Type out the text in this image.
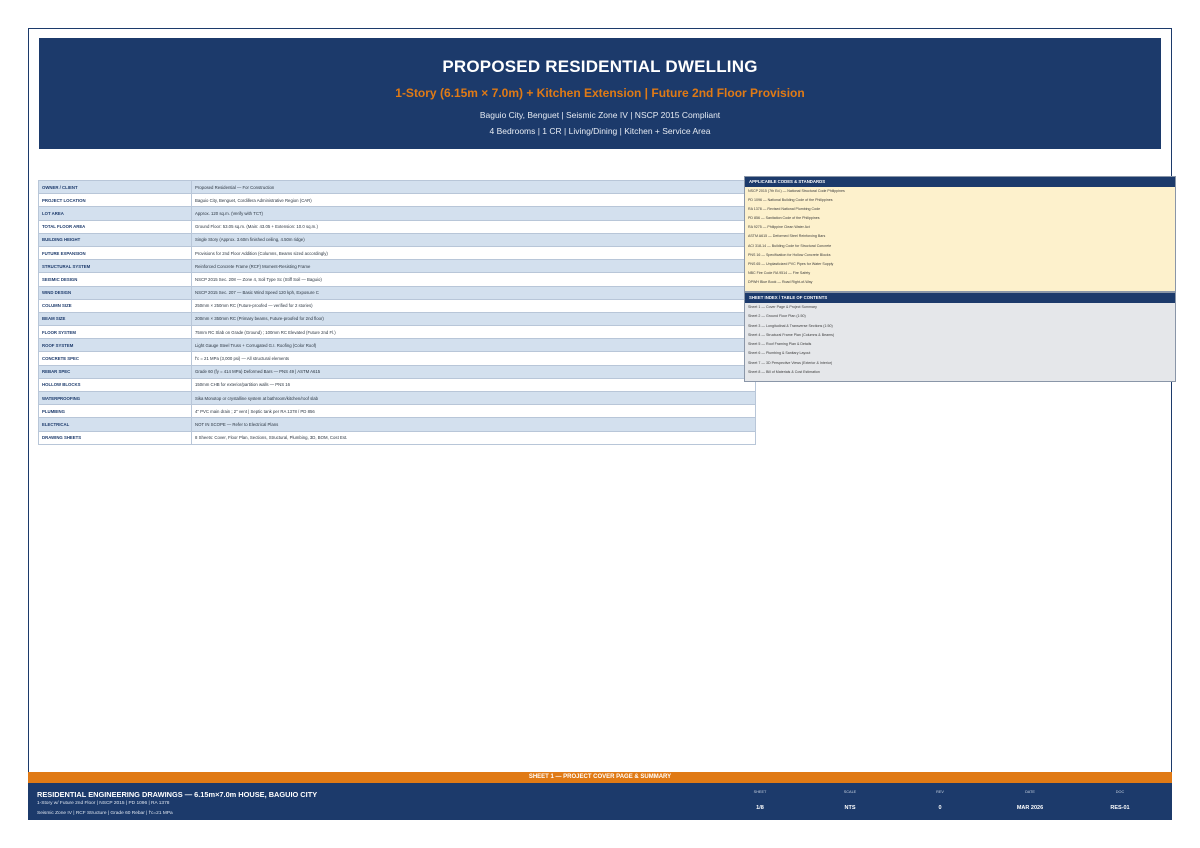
PROPOSED RESIDENTIAL DWELLING
1-Story (6.15m × 7.0m) + Kitchen Extension | Future 2nd Floor Provision
Baguio City, Benguet | Seismic Zone IV | NSCP 2015 Compliant
4 Bedrooms | 1 CR | Living/Dining | Kitchen + Service Area
OWNER / CLIENT	Proposed Residential — For Construction
PROJECT LOCATION	Baguio City, Benguet, Cordillera Administrative Region (CAR)
LOT AREA	Approx. 120 sq.m. (Verify with TCT)
TOTAL FLOOR AREA	Ground Floor: 53.05 sq.m. (Main: 43.05 + Extension: 10.0 sq.m.)
BUILDING HEIGHT	Single Story (Approx. 3.60m finished ceiling, 4.50m ridge)
FUTURE EXPANSION	Provisions for 2nd Floor Addition (Columns, Beams sized accordingly)
STRUCTURAL SYSTEM	Reinforced Concrete Frame (RCF) Moment-Resisting Frame
SEISMIC DESIGN	NSCP 2015 Sec. 208 — Zone 4, Soil Type Sc (Stiff Soil — Baguio)
WIND DESIGN	NSCP 2015 Sec. 207 — Basic Wind Speed 120 kph, Exposure C
COLUMN SIZE	250mm × 250mm RC (Future-proofed — verified for 2 stories)
BEAM SIZE	200mm × 350mm RC (Primary beams, Future-proofed for 2nd floor)
FLOOR SYSTEM	75mm RC Slab on Grade (Ground) ; 100mm RC Elevated (Future 2nd Fl.)
ROOF SYSTEM	Light Gauge Steel Truss + Corrugated G.I. Roofing (Color Roof)
CONCRETE SPEC	f'c = 21 MPa (3,000 psi) — All structural elements
REBAR SPEC	Grade 60 (fy = 414 MPa) Deformed Bars — PNS 49 | ASTM A615
HOLLOW BLOCKS	150mm CHB for exterior/partition walls — PNS 16
WATERPROOFING	Sika Monotop or crystalline system at bathroom/kitchen/roof slab
PLUMBING	4" PVC main drain ; 2" vent | Septic tank per RA 1378 / PD 856
ELECTRICAL	NOT IN SCOPE — Refer to Electrical Plans
DRAWING SHEETS	8 Sheets: Cover, Floor Plan, Sections, Structural, Plumbing, 3D, BOM, Cost Est.
APPLICABLE CODES & STANDARDS
NSCP 2015 (7th Ed.) — National Structural Code Philippines
PD 1096 — National Building Code of the Philippines
RA 1378 — Revised National Plumbing Code
PD 856 — Sanitation Code of the Philippines
RA 9275 — Philippine Clean Water Act
ASTM A615 — Deformed Steel Reinforcing Bars
ACI 318-14 — Building Code for Structural Concrete
PNS 16 — Specification for Hollow Concrete Blocks
PNS 65 — Unplasticized PVC Pipes for Water Supply
NBC Fire Code RA 9514 — Fire Safety
DPWH Blue Book — Road Right-of-Way
SHEET INDEX / TABLE OF CONTENTS
Sheet 1 — Cover Page & Project Summary
Sheet 2 — Ground Floor Plan (1:50)
Sheet 3 — Longitudinal & Transverse Sections (1:50)
Sheet 4 — Structural Frame Plan (Columns & Beams)
Sheet 5 — Roof Framing Plan & Details
Sheet 6 — Plumbing & Sanitary Layout
Sheet 7 — 3D Perspective Views (Exterior & Interior)
Sheet 8 — Bill of Materials & Cost Estimation
SHEET 1 — PROJECT COVER PAGE & SUMMARY
RESIDENTIAL ENGINEERING DRAWINGS — 6.15m×7.0m HOUSE, BAGUIO CITY
1-Story w/ Future 2nd Floor | NSCP 2015 | PD 1096 | RA 1378
Seismic Zone IV | RCF Structure | Grade 60 Rebar | f'c=21 MPa
SHEET
1/8
SCALE
NTS
REV
0
DATE
MAR 2026
DOC
RES-01
